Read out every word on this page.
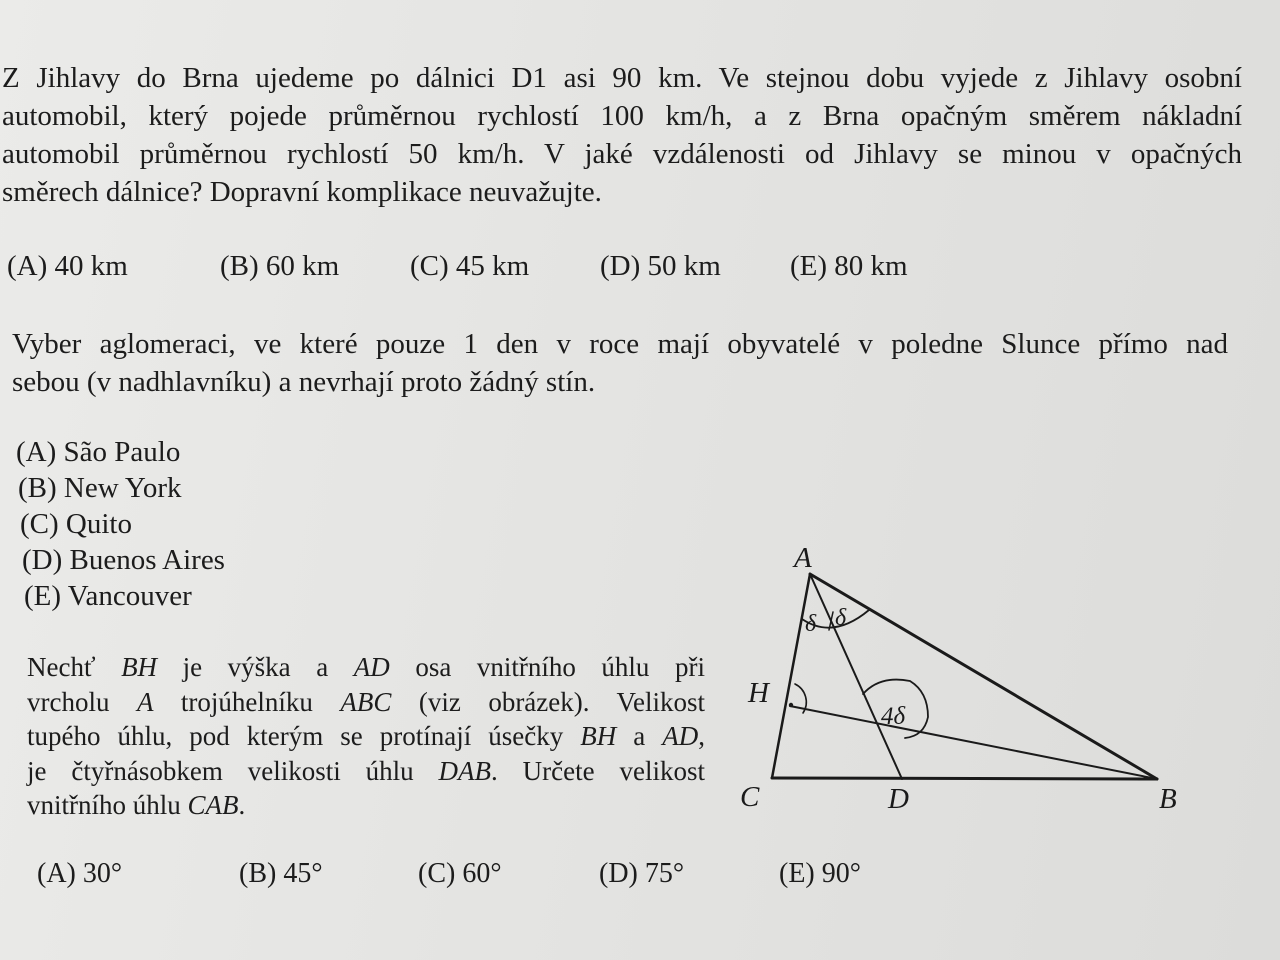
Z Jihlavy do Brna ujedeme po dálnici D1 asi 90 km. Ve stejnou dobu vyjede z Jihlavy osobní
automobil, který pojede průměrnou rychlostí 100 km/h, a z Brna opačným směrem nákladní
automobil průměrnou rychlostí 50 km/h. V jaké vzdálenosti od Jihlavy se minou v opačných
směrech dálnice? Dopravní komplikace neuvažujte.
(A) 40 km	(B) 60 km (C) 45 km (D) 50 km (E) 80 km
Vyber aglomeraci, ve které pouze 1 den v roce mají obyvatelé v poledne Slunce přímo nad
sebou (v nadhlavníku) a nevrhají proto žádný stín.
(A) São Paulo
(B) New York
(C) Quito
(D) Buenos Aires
(E) Vancouver
Nechť BH je výška a AD osa vnitřního úhlu při
vrcholu A trojúhelníku ABC (viz obrázek). Velikost
tupého úhlu, pod kterým se protínají úsečky BH a AD,
je čtyřnásobkem velikosti úhlu DAB. Určete velikost
vnitřního úhlu CAB.
A
B
C	D
H
δ δ
4δ
(A) 30°	(B) 45°	(C) 60°	(D) 75°	(E) 90°
